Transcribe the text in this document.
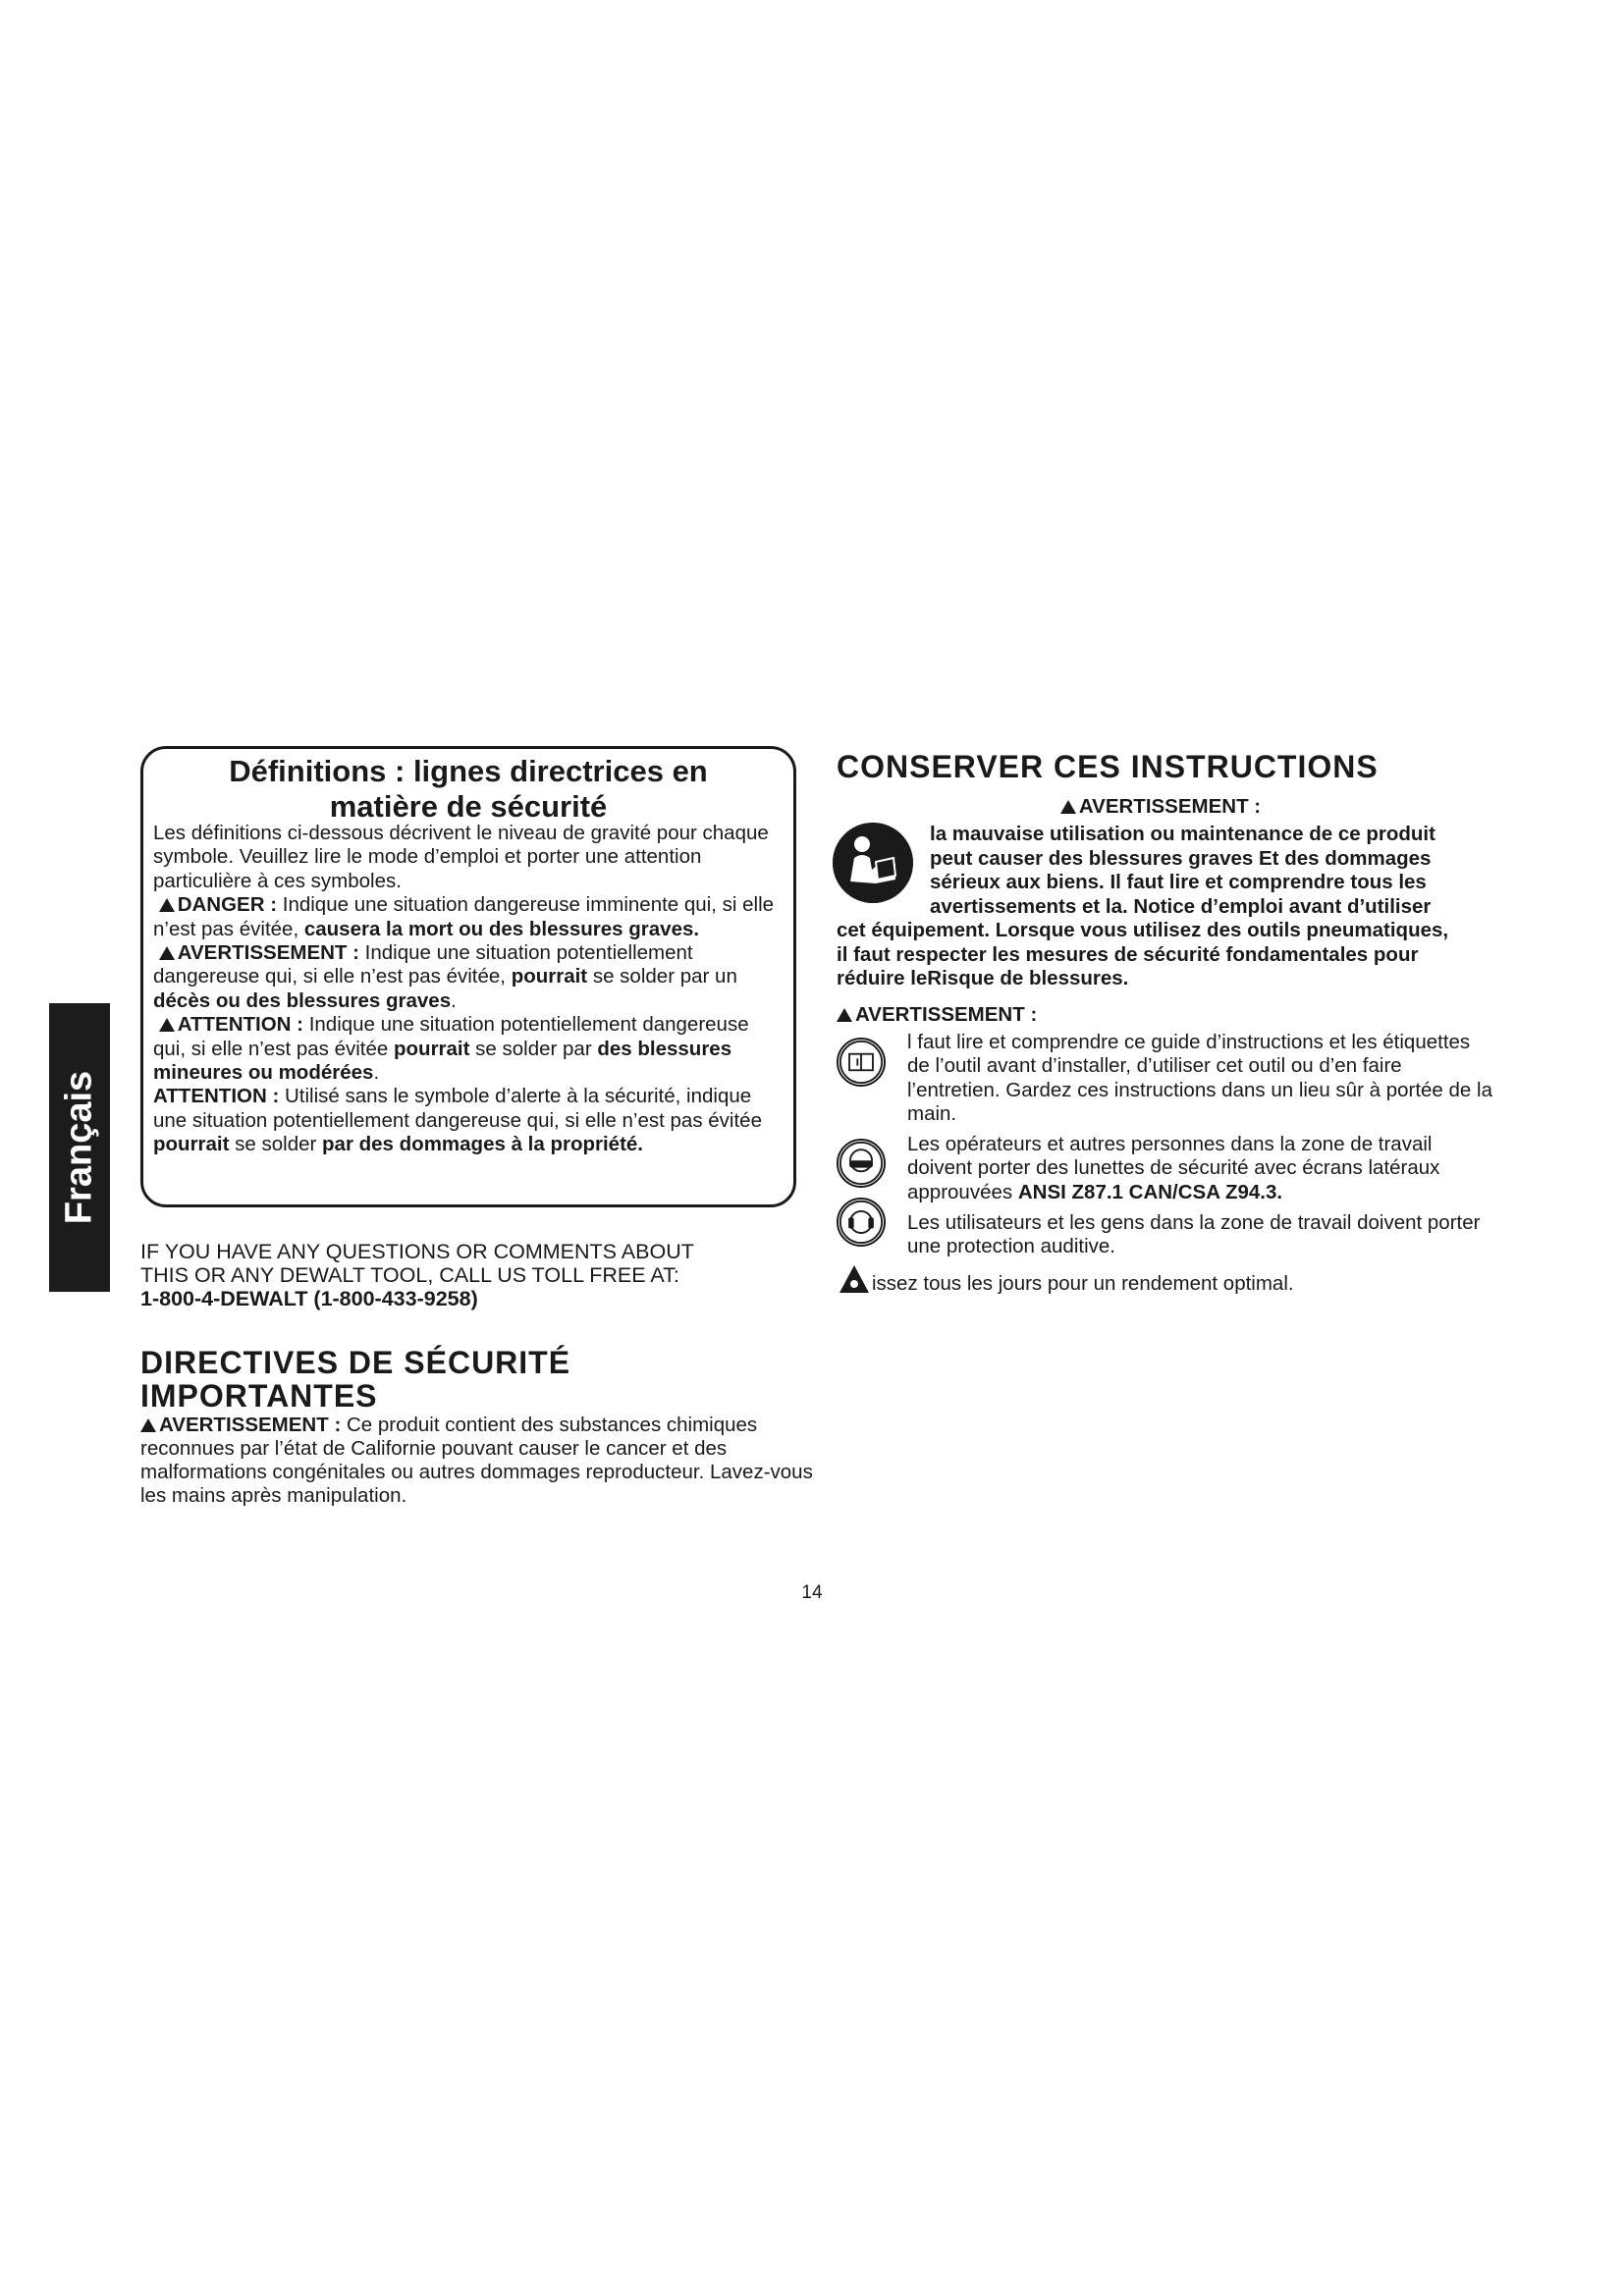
Français
Définitions : lignes directrices en
matière de sécurité

Les définitions ci-dessous décrivent le niveau de gravité pour chaque symbole. Veuillez lire le mode d’emploi et porter une attention particulière à ces symboles.

DANGER : Indique une situation dangereuse imminente qui, si elle n’est pas évitée, causera la mort ou des blessures graves.

AVERTISSEMENT : Indique une situation potentiellement dangereuse qui, si elle n’est pas évitée, pourrait se solder par un décès ou des blessures graves.

ATTENTION : Indique une situation potentiellement dangereuse qui, si elle n’est pas évitée pourrait se solder par des blessures mineures ou modérées.

ATTENTION : Utilisé sans le symbole d’alerte à la sécurité, indique une situation potentiellement dangereuse qui, si elle n’est pas évitée pourrait se solder par des dommages à la propriété.

IF YOU HAVE ANY QUESTIONS OR COMMENTS ABOUT

THIS OR ANY DEWALT TOOL, CALL US TOLL FREE AT:

1-800-4-DEWALT (1-800-433-9258)

DIRECTIVES DE SÉCURITÉ
IMPORTANTES

AVERTISSEMENT : Ce produit contient des substances chimiques reconnues par l’état de Californie pouvant causer le cancer et des malformations congénitales ou autres dommages reproducteur. Lavez-vous les mains après manipulation.

CONSERVER CES INSTRUCTIONS
AVERTISSEMENT :

la mauvaise utilisation ou maintenance de ce produit

peut causer des blessures graves Et des dommages

sérieux aux biens. Il faut lire et comprendre tous les

avertissements et la. Notice d’emploi avant d’utiliser

cet équipement. Lorsque vous utilisez des outils pneumatiques,

il faut respecter les mesures de sécurité fondamentales pour

réduire leRisque de blessures.

AVERTISSEMENT :

l faut lire et comprendre ce guide d’instructions et les étiquettes de l’outil avant d’installer, d’utiliser cet outil ou d’en faire l’entretien. Gardez ces instructions dans un lieu sûr à portée de la main.

Les opérateurs et autres personnes dans la zone de travail doivent porter des lunettes de sécurité avec écrans latéraux approuvées ANSI Z87.1 CAN/CSA Z94.3.

Les utilisateurs et les gens dans la zone de travail doivent porter une protection auditive.

issez tous les jours pour un rendement optimal.
14
